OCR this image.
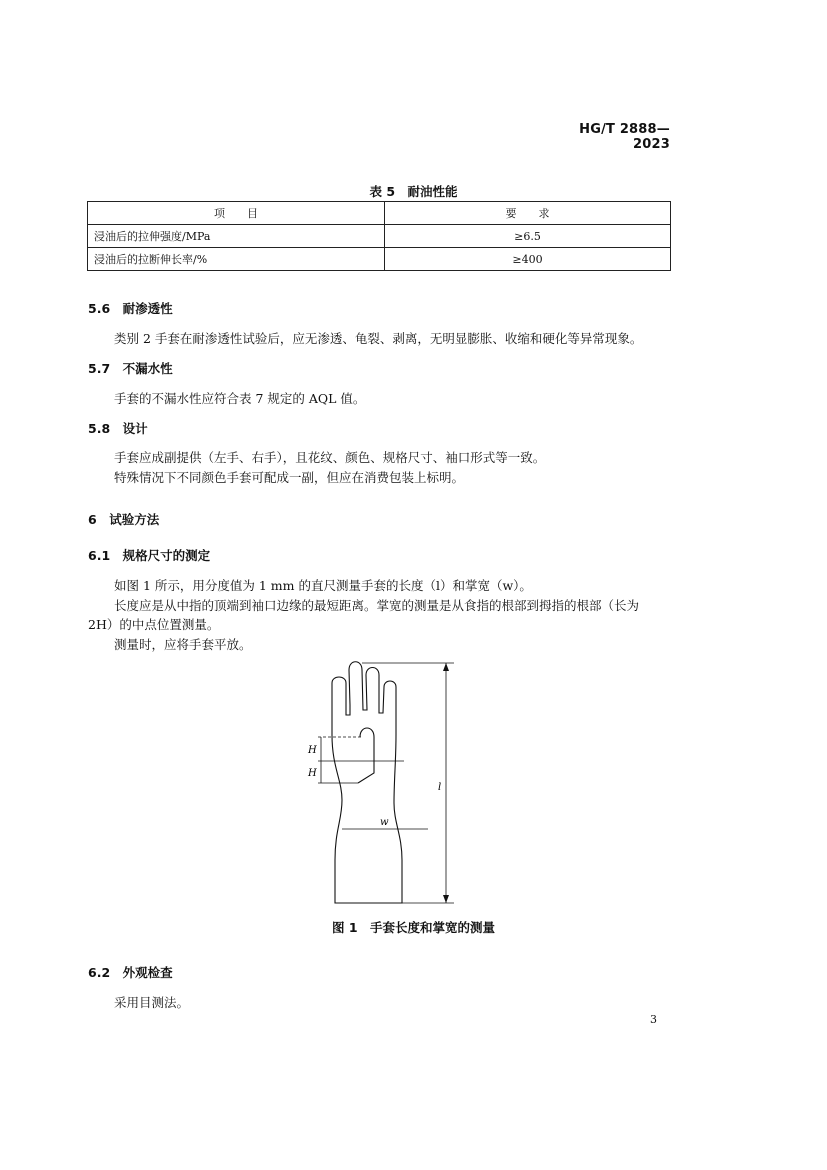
HG/T 2888—2023
表 5　耐油性能
项　　目	要　　求
浸油后的拉伸强度/MPa	≥6.5
浸油后的拉断伸长率/%	≥400
5.6　耐渗透性
类别 2 手套在耐渗透性试验后，应无渗透、龟裂、剥离，无明显膨胀、收缩和硬化等异常现象。
5.7　不漏水性
手套的不漏水性应符合表 7 规定的 AQL 值。
5.8　设计
手套应成副提供（左手、右手），且花纹、颜色、规格尺寸、袖口形式等一致。
特殊情况下不同颜色手套可配成一副，但应在消费包装上标明。
6　试验方法
6.1　规格尺寸的测定
如图 1 所示，用分度值为 1 mm 的直尺测量手套的长度（l）和掌宽（w）。
长度应是从中指的顶端到袖口边缘的最短距离。掌宽的测量是从食指的根部到拇指的根部（长为
2H）的中点位置测量。
测量时，应将手套平放。
H
H
w
l
图 1　手套长度和掌宽的测量
6.2　外观检查
采用目测法。
3
